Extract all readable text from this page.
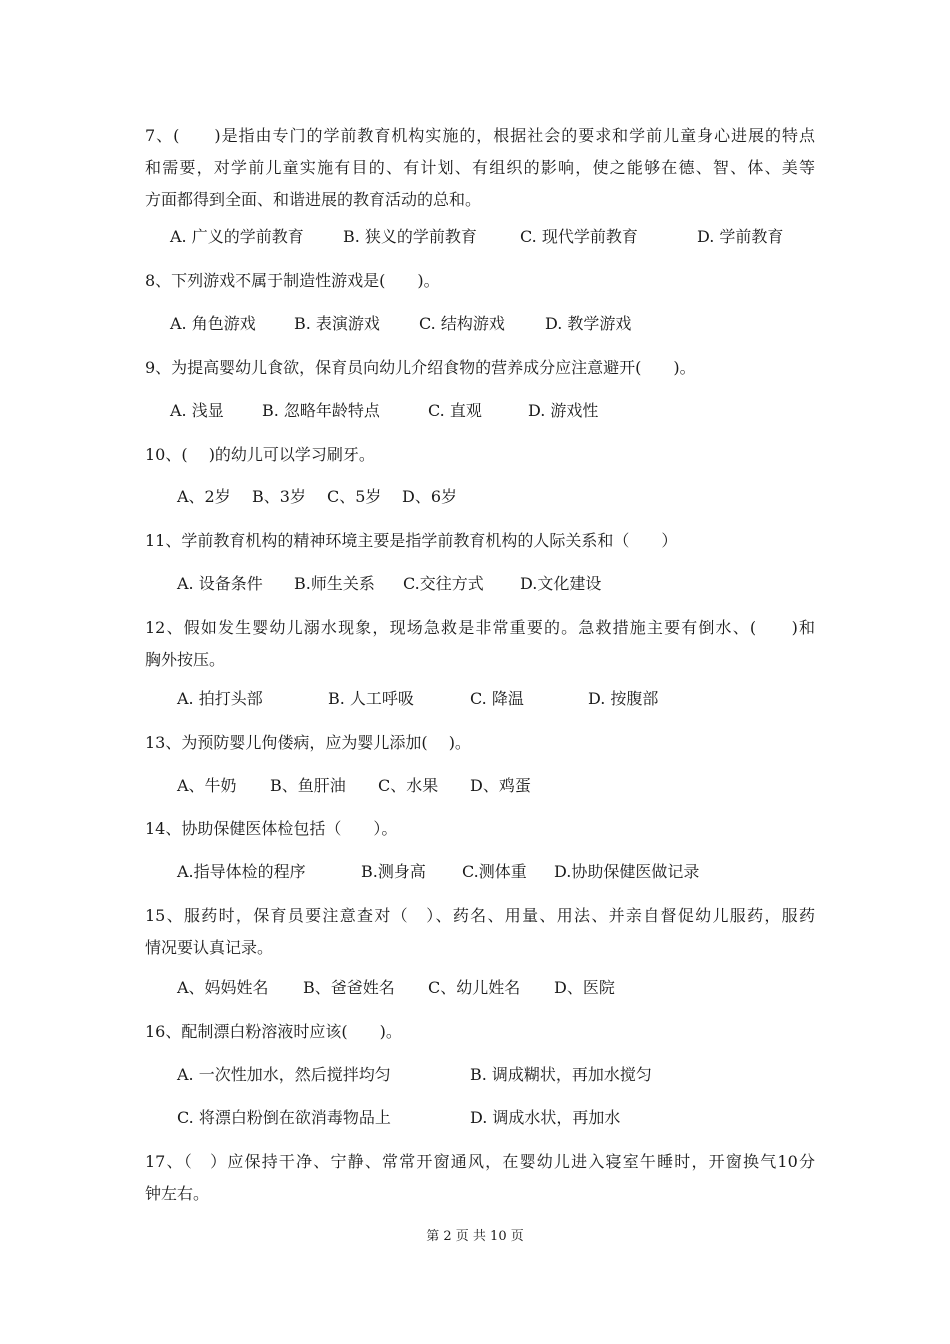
7、(　　)是指由专门的学前教育机构实施的，根据社会的要求和学前儿童身心进展的特点
和需要，对学前儿童实施有目的、有计划、有组织的影响，使之能够在德、智、体、美等
方面都得到全面、和谐进展的教育活动的总和。
A. 广义的学前教育 B. 狭义的学前教育	C. 现代学前教育	D. 学前教育
8、下列游戏不属于制造性游戏是(　　)。
A. 角色游戏 B. 表演游戏 C. 结构游戏	D. 教学游戏
9、为提高婴幼儿食欲，保育员向幼儿介绍食物的营养成分应注意避开(　　)。
A. 浅显 B. 忽略年龄特点	C. 直观	D. 游戏性
10、(　 )的幼儿可以学习刷牙。
A、2岁 B、3岁 C、5岁 D、6岁
11、学前教育机构的精神环境主要是指学前教育机构的人际关系和（　　）
A. 设备条件 B.师生关系 C.交往方式 D.文化建设
12、假如发生婴幼儿溺水现象，现场急救是非常重要的。急救措施主要有倒水、(　　)和
胸外按压。
A. 拍打头部	B. 人工呼吸	C. 降温	D. 按腹部
13、为预防婴儿佝偻病，应为婴儿添加(　 )。
A、牛奶 B、鱼肝油 C、水果 D、鸡蛋
14、协助保健医体检包括（　　）。
A.指导体检的程序	B.测身高 C.测体重 D.协助保健医做记录
15、服药时，保育员要注意查对（　）、药名、用量、用法、并亲自督促幼儿服药，服药
情况要认真记录。
A、妈妈姓名 B、爸爸姓名 C、幼儿姓名 D、医院
16、配制漂白粉溶液时应该(　　)。
A. 一次性加水，然后搅拌均匀	B. 调成糊状，再加水搅匀
C. 将漂白粉倒在欲消毒物品上	D. 调成水状，再加水
17、（　）应保持干净、宁静、常常开窗通风，在婴幼儿进入寝室午睡时，开窗换气10分
钟左右。
第 2 页 共 10 页
